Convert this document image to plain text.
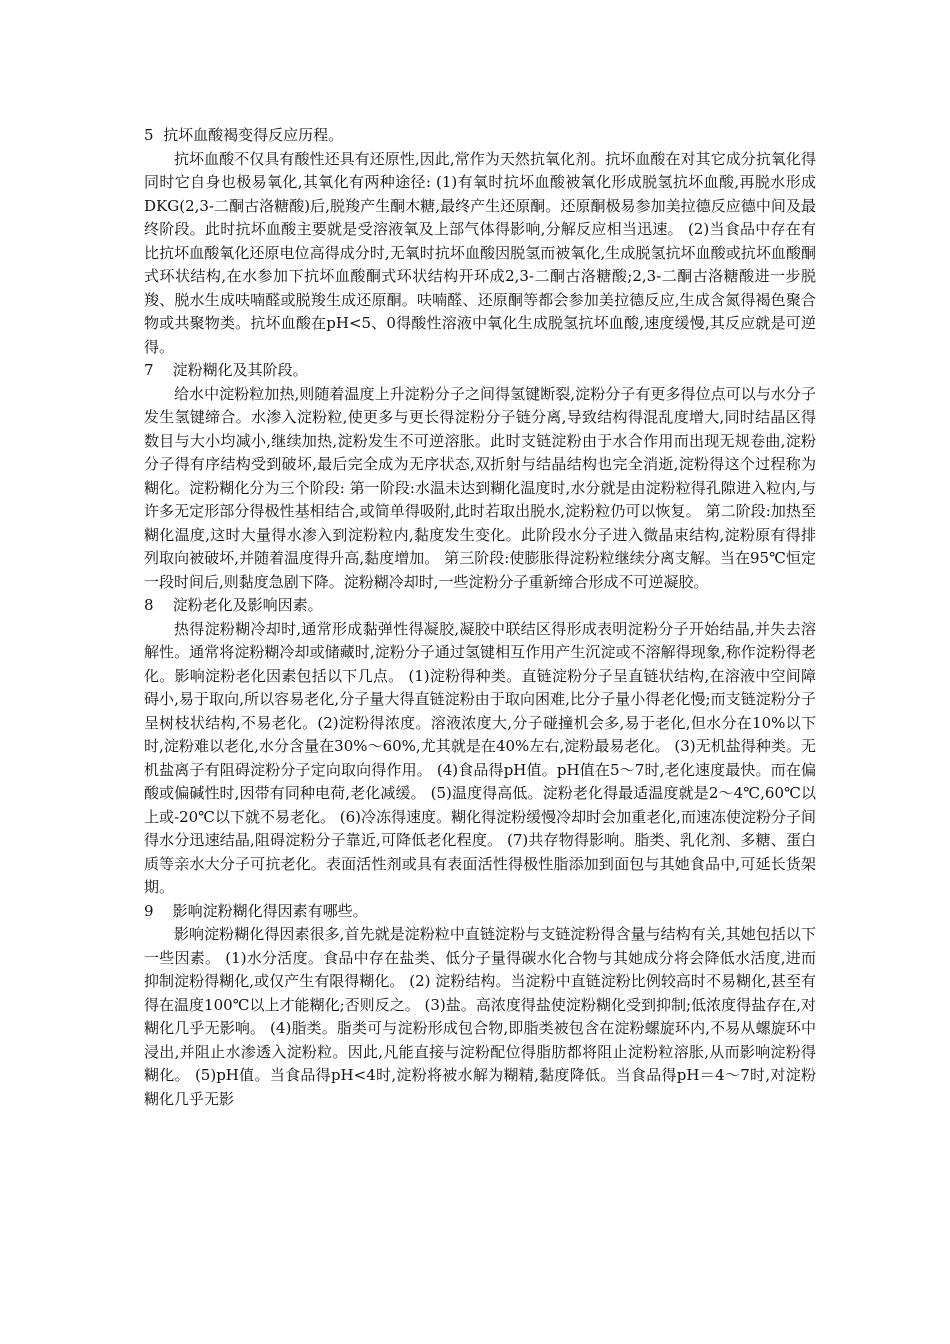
5  抗坏血酸褐变得反应历程。

抗坏血酸不仅具有酸性还具有还原性,因此,常作为天然抗氧化剂。抗坏血酸在对其它成分抗氧化得同时它自身也极易氧化,其氧化有两种途径: (1)有氧时抗坏血酸被氧化形成脱氢抗坏血酸,再脱水形成DKG(2,3-二酮古洛糖酸)后,脱羧产生酮木糖,最终产生还原酮。还原酮极易参加美拉德反应德中间及最终阶段。此时抗坏血酸主要就是受溶液氧及上部气体得影响,分解反应相当迅速。 (2)当食品中存在有比抗坏血酸氧化还原电位高得成分时,无氧时抗坏血酸因脱氢而被氧化,生成脱氢抗坏血酸或抗坏血酸酮式环状结构,在水参加下抗坏血酸酮式环状结构开环成2,3-二酮古洛糖酸;2,3-二酮古洛糖酸进一步脱羧、脱水生成呋喃醛或脱羧生成还原酮。呋喃醛、还原酮等都会参加美拉德反应,生成含氮得褐色聚合物或共聚物类。抗坏血酸在pH<5、0得酸性溶液中氧化生成脱氢抗坏血酸,速度缓慢,其反应就是可逆得。

7    淀粉糊化及其阶段。

给水中淀粉粒加热,则随着温度上升淀粉分子之间得氢键断裂,淀粉分子有更多得位点可以与水分子发生氢键缔合。水渗入淀粉粒,使更多与更长得淀粉分子链分离,导致结构得混乱度增大,同时结晶区得数目与大小均减小,继续加热,淀粉发生不可逆溶胀。此时支链淀粉由于水合作用而出现无规卷曲,淀粉分子得有序结构受到破坏,最后完全成为无序状态,双折射与结晶结构也完全消逝,淀粉得这个过程称为糊化。淀粉糊化分为三个阶段: 第一阶段:水温未达到糊化温度时,水分就是由淀粉粒得孔隙进入粒内,与许多无定形部分得极性基相结合,或简单得吸附,此时若取出脱水,淀粉粒仍可以恢复。 第二阶段:加热至糊化温度,这时大量得水渗入到淀粉粒内,黏度发生变化。此阶段水分子进入微晶束结构,淀粉原有得排列取向被破坏,并随着温度得升高,黏度增加。 第三阶段:使膨胀得淀粉粒继续分离支解。当在95℃恒定一段时间后,则黏度急剧下降。淀粉糊冷却时,一些淀粉分子重新缔合形成不可逆凝胶。

8    淀粉老化及影响因素。

热得淀粉糊冷却时,通常形成黏弹性得凝胶,凝胶中联结区得形成表明淀粉分子开始结晶,并失去溶解性。通常将淀粉糊冷却或储藏时,淀粉分子通过氢键相互作用产生沉淀或不溶解得现象,称作淀粉得老化。影响淀粉老化因素包括以下几点。 (1)淀粉得种类。直链淀粉分子呈直链状结构,在溶液中空间障碍小,易于取向,所以容易老化,分子量大得直链淀粉由于取向困难,比分子量小得老化慢;而支链淀粉分子呈树枝状结构,不易老化。(2)淀粉得浓度。溶液浓度大,分子碰撞机会多,易于老化,但水分在10%以下时,淀粉难以老化,水分含量在30%～60%,尤其就是在40%左右,淀粉最易老化。 (3)无机盐得种类。无机盐离子有阻碍淀粉分子定向取向得作用。 (4)食品得pH值。pH值在5～7时,老化速度最快。而在偏酸或偏碱性时,因带有同种电荷,老化减缓。 (5)温度得高低。淀粉老化得最适温度就是2～4℃,60℃以上或-20℃以下就不易老化。 (6)冷冻得速度。糊化得淀粉缓慢冷却时会加重老化,而速冻使淀粉分子间得水分迅速结晶,阻碍淀粉分子靠近,可降低老化程度。 (7)共存物得影响。脂类、乳化剂、多糖、蛋白质等亲水大分子可抗老化。表面活性剂或具有表面活性得极性脂添加到面包与其她食品中,可延长货架期。

9    影响淀粉糊化得因素有哪些。

影响淀粉糊化得因素很多,首先就是淀粉粒中直链淀粉与支链淀粉得含量与结构有关,其她包括以下一些因素。 (1)水分活度。食品中存在盐类、低分子量得碳水化合物与其她成分将会降低水活度,进而抑制淀粉得糊化,或仅产生有限得糊化。 (2) 淀粉结构。当淀粉中直链淀粉比例较高时不易糊化,甚至有得在温度100℃以上才能糊化;否则反之。 (3)盐。高浓度得盐使淀粉糊化受到抑制;低浓度得盐存在,对糊化几乎无影响。 (4)脂类。脂类可与淀粉形成包合物,即脂类被包含在淀粉螺旋环内,不易从螺旋环中浸出,并阻止水渗透入淀粉粒。因此,凡能直接与淀粉配位得脂肪都将阻止淀粉粒溶胀,从而影响淀粉得糊化。 (5)pH值。当食品得pH<4时,淀粉将被水解为糊精,黏度降低。当食品得pH＝4～7时,对淀粉糊化几乎无影
